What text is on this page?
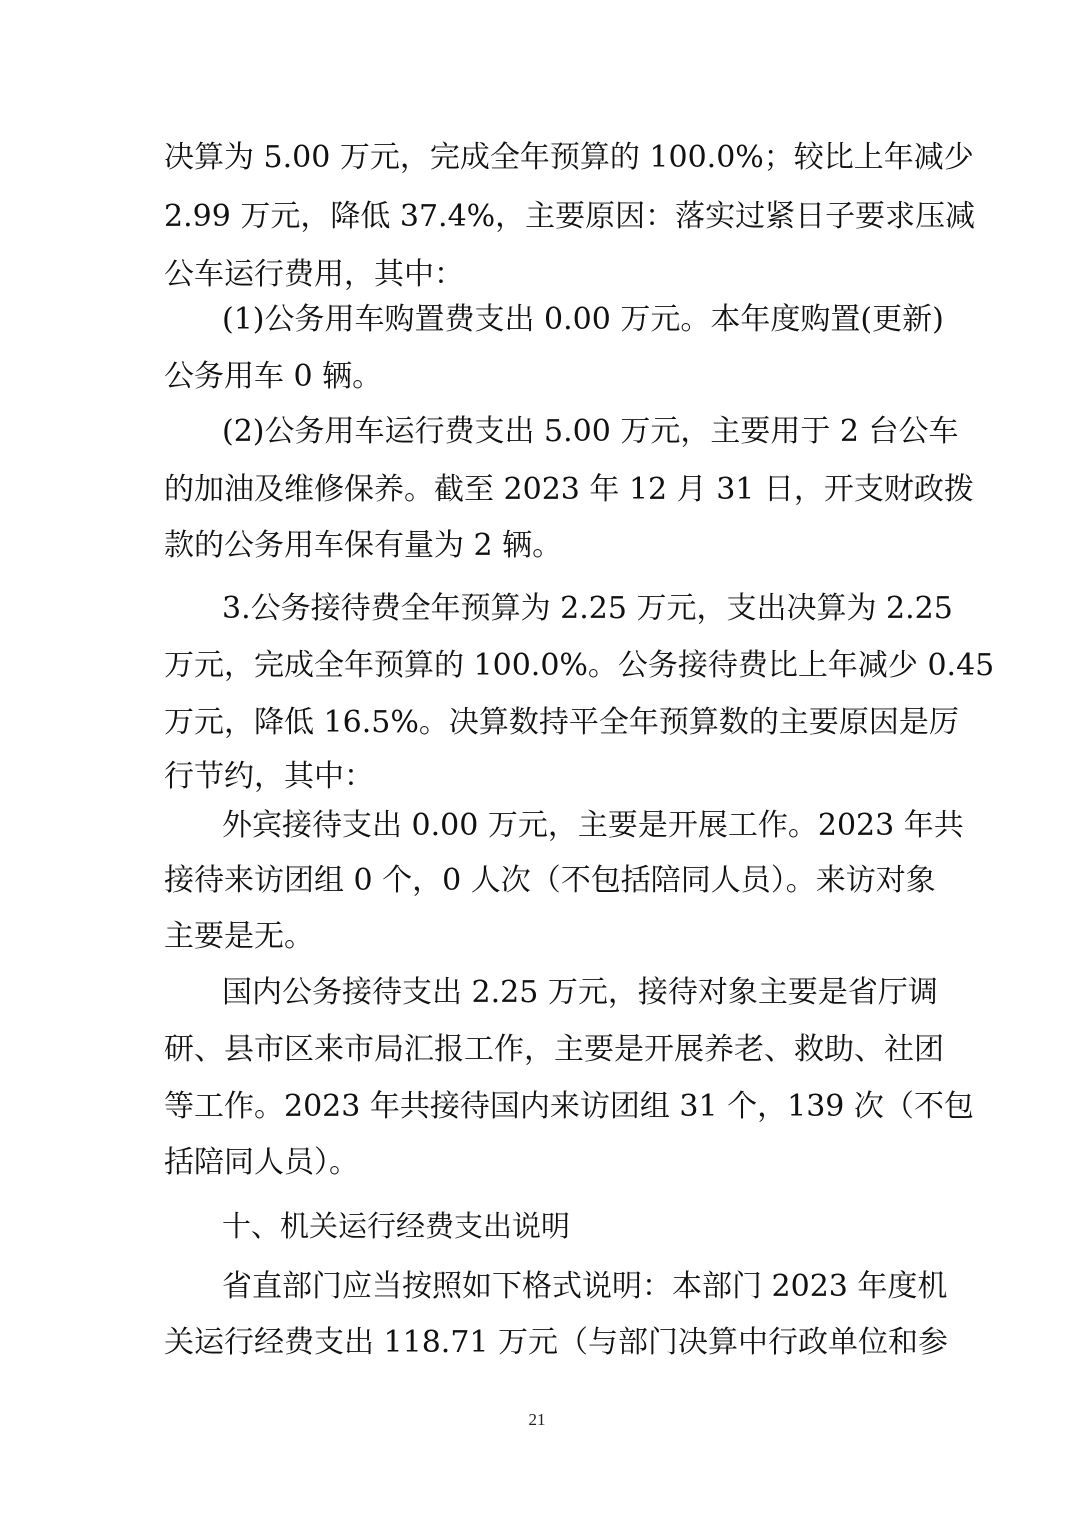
决算为 5.00 万元，完成全年预算的 100.0%；较比上年减少
2.99 万元，降低 37.4%，主要原因：落实过紧日子要求压减
公车运行费用，其中：
(1)公务用车购置费支出 0.00 万元。本年度购置(更新)
公务用车 0 辆。
(2)公务用车运行费支出 5.00 万元，主要用于 2 台公车
的加油及维修保养。截至 2023 年 12 月 31 日，开支财政拨
款的公务用车保有量为 2 辆。
3.公务接待费全年预算为 2.25 万元，支出决算为 2.25
万元，完成全年预算的 100.0%。公务接待费比上年减少 0.45
万元，降低 16.5%。决算数持平全年预算数的主要原因是厉
行节约，其中：
外宾接待支出 0.00 万元，主要是开展工作。2023 年共
接待来访团组 0 个，0 人次（不包括陪同人员）。来访对象
主要是无。
国内公务接待支出 2.25 万元，接待对象主要是省厅调
研、县市区来市局汇报工作，主要是开展养老、救助、社团
等工作。2023 年共接待国内来访团组 31 个，139 次（不包
括陪同人员）。
十、机关运行经费支出说明
省直部门应当按照如下格式说明：本部门 2023 年度机
关运行经费支出 118.71 万元（与部门决算中行政单位和参
21
